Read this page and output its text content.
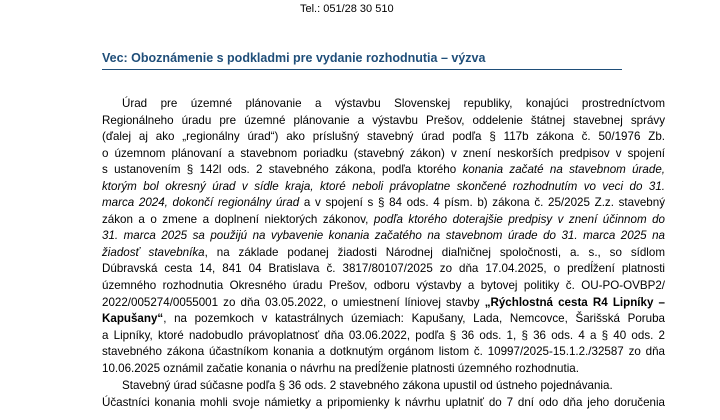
Tel.: 051/28 30 510
Vec: Oboznámenie s podkladmi pre vydanie rozhodnutia – výzva
Úrad pre územné plánovanie a výstavbu Slovenskej republiky, konajúci prostredníctvom
Regionálneho úradu pre územné plánovanie a výstavbu Prešov, oddelenie štátnej stavebnej správy
(ďalej aj ako „regionálny úrad“) ako príslušný stavebný úrad podľa § 117b zákona č. 50/1976 Zb.
o územnom plánovaní a stavebnom poriadku (stavebný zákon) v znení neskorších predpisov v spojení
s ustanovením § 142l ods. 2 stavebného zákona, podľa ktorého konania začaté na stavebnom úrade,
ktorým bol okresný úrad v sídle kraja, ktoré neboli právoplatne skončené rozhodnutím vo veci do 31.
marca 2024, dokončí regionálny úrad a v spojení s § 84 ods. 4 písm. b) zákona č. 25/2025 Z.z. stavebný
zákon a o zmene a doplnení niektorých zákonov, podľa ktorého doterajšie predpisy v znení účinnom do
31. marca 2025 sa použijú na vybavenie konania začatého na stavebnom úrade do 31. marca 2025 na
žiadosť stavebníka, na základe podanej žiadosti Národnej diaľničnej spoločnosti, a. s., so sídlom
Dúbravská cesta 14, 841 04 Bratislava č. 3817/80107/2025 zo dňa 17.04.2025, o predĺžení platnosti
územného rozhodnutia Okresného úradu Prešov, odboru výstavby a bytovej politiky č. OU-PO-OVBP2/
2022/005274/0055001 zo dňa 03.05.2022, o umiestnení líniovej stavby „Rýchlostná cesta R4 Lipníky –
Kapušany“, na pozemkoch v katastrálnych územiach: Kapušany, Lada, Nemcovce, Šarišská Poruba
a Lipníky, ktoré nadobudlo právoplatnosť dňa 03.06.2022, podľa § 36 ods. 1, § 36 ods. 4 a § 40 ods. 2
stavebného zákona účastníkom konania a dotknutým orgánom listom č. 10997/2025-15.1.2./32587 zo dňa
10.06.2025 oznámil začatie konania o návrhu na predĺženie platnosti územného rozhodnutia.
Stavebný úrad súčasne podľa § 36 ods. 2 stavebného zákona upustil od ústneho pojednávania.
Účastníci konania mohli svoje námietky a pripomienky k návrhu uplatniť do 7 dní odo dňa jeho doručenia
